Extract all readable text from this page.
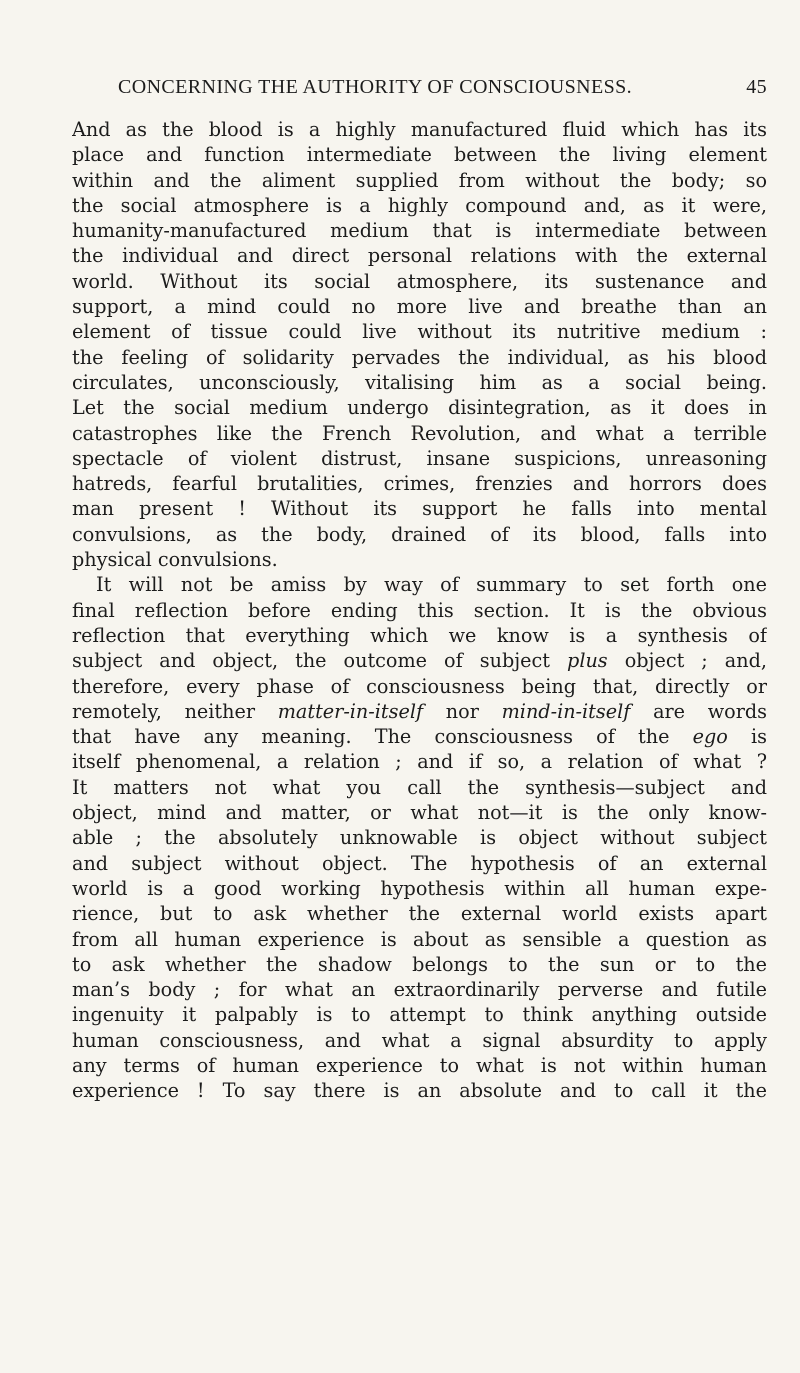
CONCERNING THE AUTHORITY OF CONSCIOUSNESS.	45
And as the blood is a highly manufactured fluid which has its
place and function intermediate between the living element
within and the aliment supplied from without the body; so
the social atmosphere is a highly compound and, as it were,
humanity-manufactured medium that is intermediate between
the individual and direct personal relations with the external
world. Without its social atmosphere, its sustenance and
support, a mind could no more live and breathe than an
element of tissue could live without its nutritive medium :
the feeling of solidarity pervades the individual, as his blood
circulates, unconsciously, vitalising him as a social being.
Let the social medium undergo disintegration, as it does in
catastrophes like the French Revolution, and what a terrible
spectacle of violent distrust, insane suspicions, unreasoning
hatreds, fearful brutalities, crimes, frenzies and horrors does
man present ! Without its support he falls into mental
convulsions, as the body, drained of its blood, falls into
physical convulsions.
It will not be amiss by way of summary to set forth one
final reflection before ending this section. It is the obvious
reflection that everything which we know is a synthesis of
subject and object, the outcome of subject plus object ; and,
therefore, every phase of consciousness being that, directly or
remotely, neither matter-in-itself nor mind-in-itself are words
that have any meaning. The consciousness of the ego is
itself phenomenal, a relation ; and if so, a relation of what ?
It matters not what you call the synthesis—subject and
object, mind and matter, or what not—it is the only know-
able ; the absolutely unknowable is object without subject
and subject without object. The hypothesis of an external
world is a good working hypothesis within all human expe-
rience, but to ask whether the external world exists apart
from all human experience is about as sensible a question as
to ask whether the shadow belongs to the sun or to the
man’s body ; for what an extraordinarily perverse and futile
ingenuity it palpably is to attempt to think anything outside
human consciousness, and what a signal absurdity to apply
any terms of human experience to what is not within human
experience ! To say there is an absolute and to call it the
